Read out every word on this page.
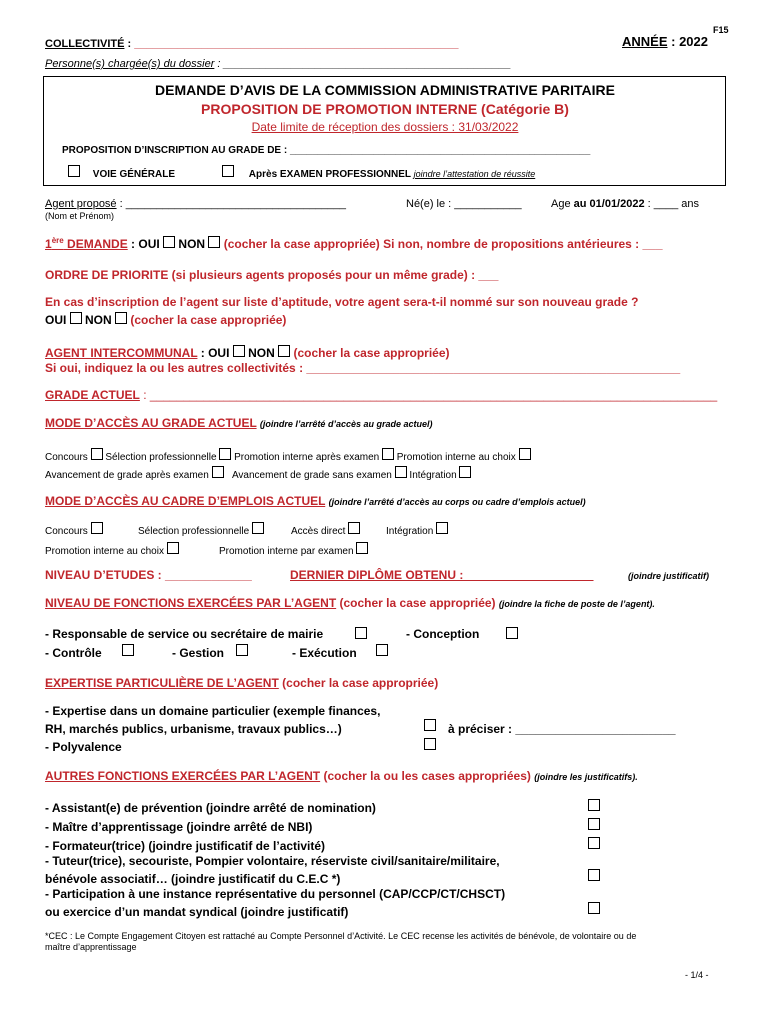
F15
COLLECTIVITÉ : _____________________________________________________	ANNÉE : 2022
Personne(s) chargée(s) du dossier : _______________________________________________
DEMANDE D’AVIS DE LA COMMISSION ADMINISTRATIVE PARITAIRE
PROPOSITION DE PROMOTION INTERNE (Catégorie B)
Date limite de réception des dossiers : 31/03/2022
PROPOSITION D’INSCRIPTION AU GRADE DE : ______________________________________________________
VOIE GÉNÉRALE	Après EXAMEN PROFESSIONNEL joindre l’attestation de réussite
Agent proposé : ____________________________________
(Nom et Prénom)
Né(e) le : ___________	Age au 01/01/2022 : ____ ans
1ère DEMANDE : OUI  NON  (cocher la case appropriée) Si non, nombre de propositions antérieures : ___
ORDRE DE PRIORITE (si plusieurs agents proposés pour un même grade) : ___
En cas d’inscription de l’agent sur liste d’aptitude, votre agent sera-t-il nommé sur son nouveau grade ?
OUI  NON  (cocher la case appropriée)
AGENT INTERCOMMUNAL : OUI  NON  (cocher la case appropriée)
Si oui, indiquez la ou les autres collectivités : ________________________________________________________
GRADE ACTUEL : _____________________________________________________________________________________
MODE D’ACCÈS AU GRADE ACTUEL (joindre l’arrêté d’accès au grade actuel)
Concours Sélection professionnelle Promotion interne après examen Promotion interne au choix
Avancement de grade après examen Avancement de grade sans examen Intégration
MODE D’ACCÈS AU CADRE D’EMPLOIS ACTUEL (joindre l’arrêté d’accès au corps ou cadre d’emplois actuel)
Concours	Sélection professionnelle	Accès direct	Intégration
Promotion interne au choix	Promotion interne par examen
NIVEAU D’ETUDES : _____________	DERNIER DIPLÔME OBTENU : ___________________	(joindre justificatif)
NIVEAU DE FONCTIONS EXERCÉES PAR L’AGENT (cocher la case appropriée) (joindre la fiche de poste de l’agent).
- Responsable de service ou secrétaire de mairie	- Conception
- Contrôle	- Gestion	- Exécution
EXPERTISE PARTICULIÈRE DE L’AGENT (cocher la case appropriée)
- Expertise dans un domaine particulier (exemple finances,
RH, marchés publics, urbanisme, travaux publics…)	à préciser : ________________________
- Polyvalence
AUTRES FONCTIONS EXERCÉES PAR L’AGENT (cocher la ou les cases appropriées) (joindre les justificatifs).
- Assistant(e) de prévention (joindre arrêté de nomination)
- Maître d’apprentissage (joindre arrêté de NBI)
- Formateur(trice) (joindre justificatif de l’activité)
- Tuteur(trice), secouriste, Pompier volontaire, réserviste civil/sanitaire/militaire,
bénévole associatif… (joindre justificatif du C.E.C *)
- Participation à une instance représentative du personnel (CAP/CCP/CT/CHSCT)
ou exercice d’un mandat syndical (joindre justificatif)
*CEC : Le Compte Engagement Citoyen est rattaché au Compte Personnel d’Activité. Le CEC recense les activités de bénévole, de volontaire ou de
maître d’apprentissage
- 1/4 -
